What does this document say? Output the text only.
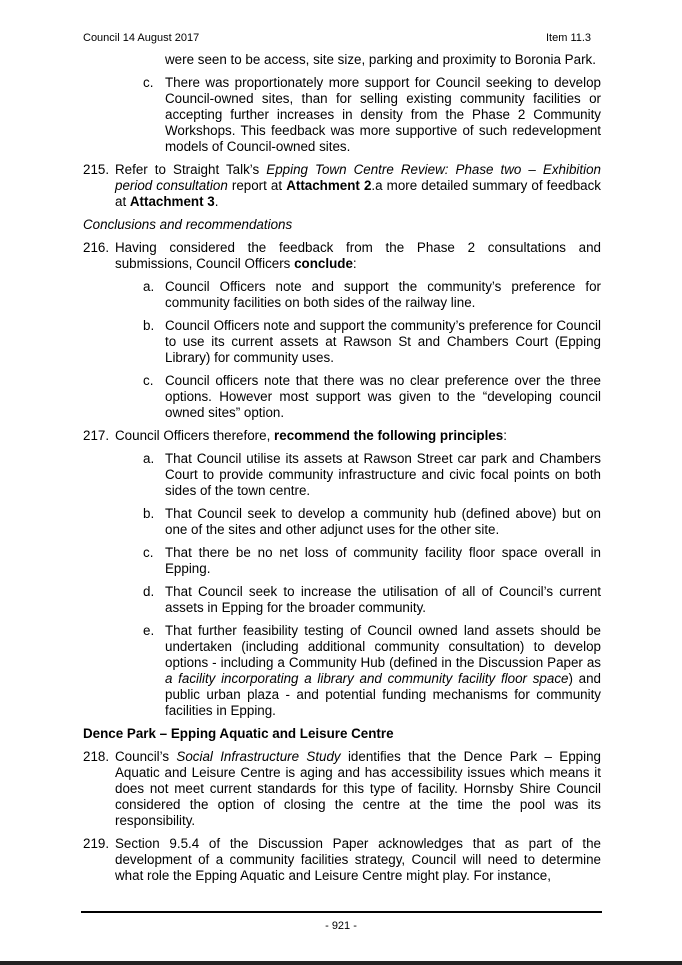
Council 14 August 2017	Item 11.3

were seen to be access, site size, parking and proximity to Boronia Park.

c. There was proportionately more support for Council seeking to develop Council-owned sites, than for selling existing community facilities or accepting further increases in density from the Phase 2 Community Workshops. This feedback was more supportive of such redevelopment models of Council-owned sites.

215. Refer to Straight Talk’s Epping Town Centre Review: Phase two – Exhibition period consultation report at Attachment 2.a more detailed summary of feedback at Attachment 3.

Conclusions and recommendations

216. Having considered the feedback from the Phase 2 consultations and submissions, Council Officers conclude:

a. Council Officers note and support the community’s preference for community facilities on both sides of the railway line.

b. Council Officers note and support the community’s preference for Council to use its current assets at Rawson St and Chambers Court (Epping Library) for community uses.

c. Council officers note that there was no clear preference over the three options. However most support was given to the “developing council owned sites” option.

217. Council Officers therefore, recommend the following principles:

a. That Council utilise its assets at Rawson Street car park and Chambers Court to provide community infrastructure and civic focal points on both sides of the town centre.

b. That Council seek to develop a community hub (defined above) but on one of the sites and other adjunct uses for the other site.

c. That there be no net loss of community facility floor space overall in Epping.

d. That Council seek to increase the utilisation of all of Council’s current assets in Epping for the broader community.

e. That further feasibility testing of Council owned land assets should be undertaken (including additional community consultation) to develop options - including a Community Hub (defined in the Discussion Paper as a facility incorporating a library and community facility floor space) and public urban plaza - and potential funding mechanisms for community facilities in Epping.

Dence Park – Epping Aquatic and Leisure Centre

218. Council’s Social Infrastructure Study identifies that the Dence Park – Epping Aquatic and Leisure Centre is aging and has accessibility issues which means it does not meet current standards for this type of facility. Hornsby Shire Council considered the option of closing the centre at the time the pool was its responsibility.

219. Section 9.5.4 of the Discussion Paper acknowledges that as part of the development of a community facilities strategy, Council will need to determine what role the Epping Aquatic and Leisure Centre might play. For instance,

- 921 -
